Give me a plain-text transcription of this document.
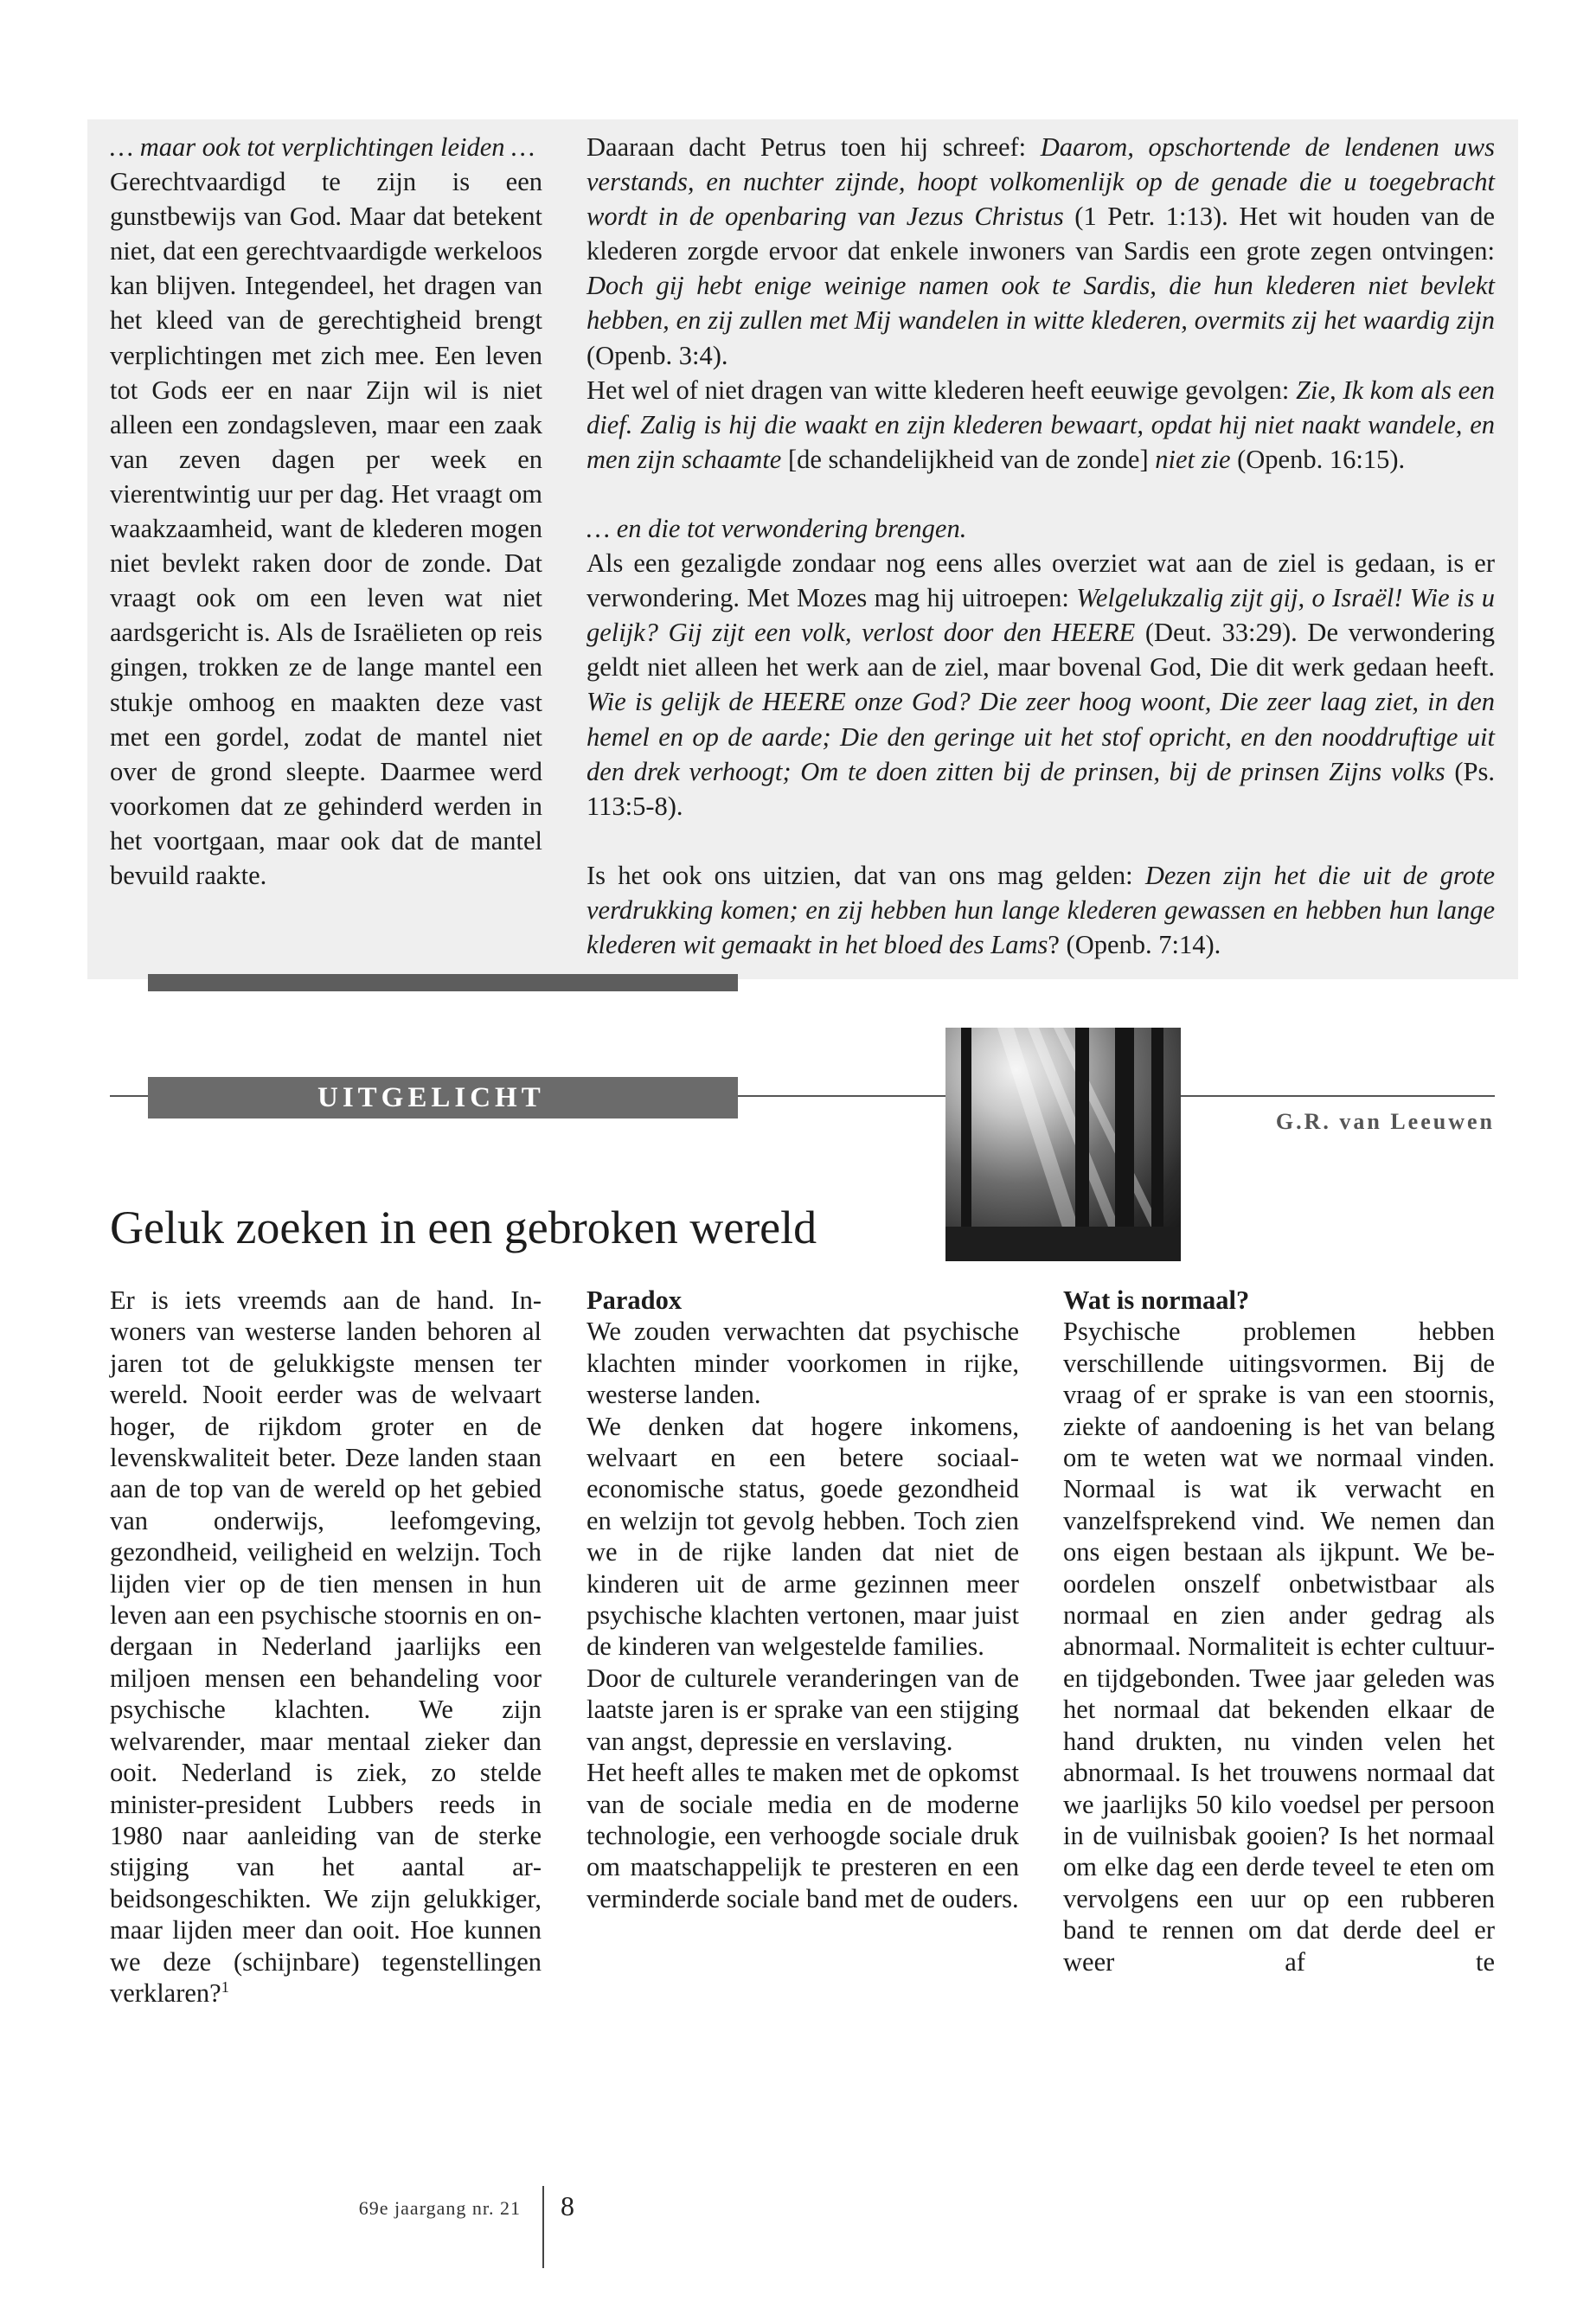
… maar ook tot verplichtingen leiden …

Gerechtvaardigd te zijn is een gunstbewijs van God. Maar dat betekent niet, dat een gerechtvaardigde werkeloos kan blijven. Integendeel, het dragen van het kleed van de gerechtigheid brengt verplichtingen met zich mee. Een leven tot Gods eer en naar Zijn wil is niet alleen een zondagsleven, maar een zaak van zeven dagen per week en vierentwintig uur per dag. Het vraagt om waakzaamheid, want de klederen mogen niet bevlekt raken door de zonde. Dat vraagt ook om een leven wat niet aardsgericht is. Als de Israëlieten op reis gingen, trokken ze de lange mantel een stukje omhoog en maakten deze vast met een gordel, zodat de mantel niet over de grond sleepte. Daarmee werd voorkomen dat ze gehinderd werden in het voortgaan, maar ook dat de mantel bevuild raakte.

Daaraan dacht Petrus toen hij schreef: Daarom, opschortende de lendenen uws verstands, en nuchter zijnde, hoopt volkomenlijk op de genade die u toegebracht wordt in de openbaring van Jezus Christus (1 Petr. 1:13). Het wit houden van de klederen zorgde ervoor dat enkele inwoners van Sardis een grote zegen ontvingen: Doch gij hebt enige weinige namen ook te Sardis, die hun klederen niet bevlekt hebben, en zij zullen met Mij wandelen in witte klederen, overmits zij het waardig zijn (Openb. 3:4).

Het wel of niet dragen van witte klederen heeft eeuwige gevolgen: Zie, Ik kom als een dief. Zalig is hij die waakt en zijn klederen bewaart, opdat hij niet naakt wandele, en men zijn schaamte [de schandelijkheid van de zonde] niet zie (Openb. 16:15).

… en die tot verwondering brengen.

Als een gezaligde zondaar nog eens alles overziet wat aan de ziel is gedaan, is er verwondering. Met Mozes mag hij uitroepen: Welgelukzalig zijt gij, o Israël! Wie is u gelijk? Gij zijt een volk, verlost door den HEERE (Deut. 33:29). De verwondering geldt niet alleen het werk aan de ziel, maar bovenal God, Die dit werk gedaan heeft. Wie is gelijk de HEERE onze God? Die zeer hoog woont, Die zeer laag ziet, in den hemel en op de aarde; Die den geringe uit het stof opricht, en den nooddruftige uit den drek verhoogt; Om te doen zitten bij de prinsen, bij de prinsen Zijns volks (Ps. 113:5-8).

Is het ook ons uitzien, dat van ons mag gelden: Dezen zijn het die uit de grote verdrukking komen; en zij hebben hun lange klederen gewassen en hebben hun lange klederen wit gemaakt in het bloed des Lams? (Openb. 7:14).

UITGELICHT
G.R. van Leeuwen
Geluk zoeken in een gebroken wereld

Er is iets vreemds aan de hand. Inwoners van westerse landen behoren al jaren tot de gelukkigste mensen ter wereld. Nooit eerder was de welvaart hoger, de rijkdom groter en de levenskwaliteit beter. Deze landen staan aan de top van de wereld op het gebied van onderwijs, leefomgeving, gezondheid, veiligheid en welzijn. Toch lijden vier op de tien mensen in hun leven aan een psychische stoornis en ondergaan in Nederland jaarlijks een miljoen mensen een behandeling voor psychische klachten. We zijn welvarender, maar mentaal zieker dan ooit. Nederland is ziek, zo stelde minister-president Lubbers reeds in 1980 naar aanleiding van de sterke stijging van het aantal arbeidsongeschikten. We zijn gelukkiger, maar lijden meer dan ooit. Hoe kunnen we deze (schijnbare) tegenstellingen verklaren?$^1$

Paradox

We zouden verwachten dat psychische klachten minder voorkomen in rijke, westerse landen.

We denken dat hogere inkomens, welvaart en een betere sociaal-economische status, goede gezondheid en welzijn tot gevolg hebben. Toch zien we in de rijke landen dat niet de kinderen uit de arme gezinnen meer psychische klachten vertonen, maar juist de kinderen van welgestelde families.

Door de culturele veranderingen van de laatste jaren is er sprake van een stijging van angst, depressie en verslaving.

Het heeft alles te maken met de opkomst van de sociale media en de moderne technologie, een verhoogde sociale druk om maatschappelijk te presteren en een verminderde sociale band met de ouders.

Wat is normaal?

Psychische problemen hebben verschillende uitingsvormen. Bij de vraag of er sprake is van een stoornis, ziekte of aandoening is het van belang om te weten wat we normaal vinden. Normaal is wat ik verwacht en vanzelfsprekend vind. We nemen dan ons eigen bestaan als ijkpunt. We beoordelen onszelf onbetwistbaar als normaal en zien ander gedrag als abnormaal. Normaliteit is echter cultuur- en tijdgebonden. Twee jaar geleden was het normaal dat bekenden elkaar de hand drukten, nu vinden velen het abnormaal. Is het trouwens normaal dat we jaarlijks 50 kilo voedsel per persoon in de vuilnisbak gooien? Is het normaal om elke dag een derde teveel te eten om vervolgens een uur op een rubberen band te rennen om dat derde deel er weer af te

69e jaargang nr. 21 8
